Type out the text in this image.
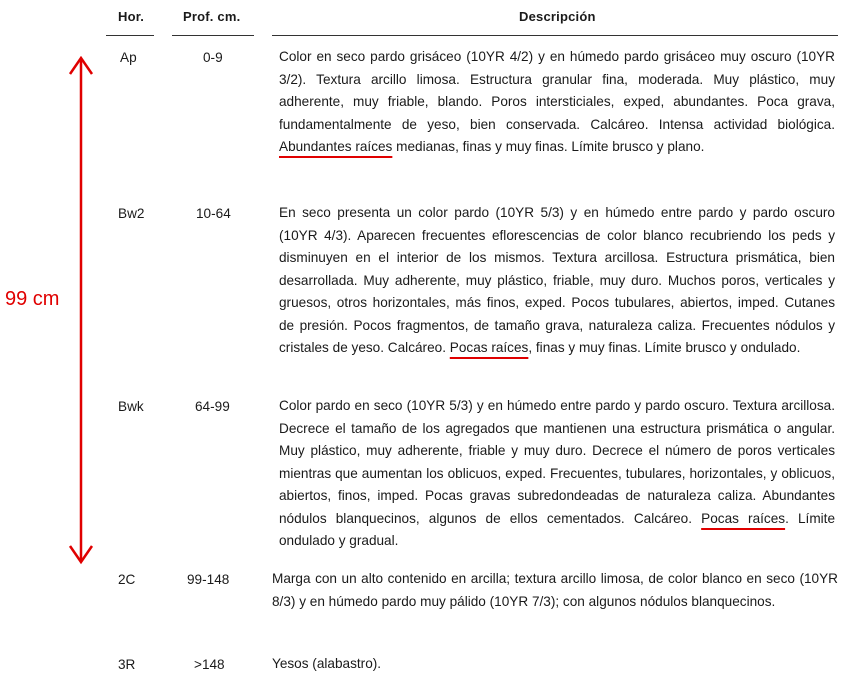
Hor.	Prof. cm.	Descripción
99 cm
Ap	0-9	Color en seco pardo grisáceo (10YR 4/2) y en húmedo pardo grisáceo muy oscuro (10YR 3/2). Textura arcillo limosa. Estructura granular fina, moderada. Muy plástico, muy adherente, muy friable, blando. Poros intersticiales, exped, abundantes. Poca grava, fundamentalmente de yeso, bien conservada. Calcáreo. Intensa actividad biológica. Abundantes raíces medianas, finas y muy finas. Límite brusco y plano.
Bw2	10-64	En seco presenta un color pardo (10YR 5/3) y en húmedo entre pardo y pardo oscuro (10YR 4/3). Aparecen frecuentes eflorescencias de color blanco recubriendo los peds y disminuyen en el interior de los mismos. Textura arcillosa. Estructura prismática, bien desarrollada. Muy adherente, muy plástico, friable, muy duro. Muchos poros, verticales y gruesos, otros horizontales, más finos, exped. Pocos tubulares, abiertos, imped. Cutanes de presión. Pocos fragmentos, de tamaño grava, naturaleza caliza. Frecuentes nódulos y cristales de yeso. Calcáreo. Pocas raíces, finas y muy finas. Límite brusco y ondulado.
Bwk	64-99	Color pardo en seco (10YR 5/3) y en húmedo entre pardo y pardo oscuro. Textura arcillosa. Decrece el tamaño de los agregados que mantienen una estructura prismática o angular. Muy plástico, muy adherente, friable y muy duro. Decrece el número de poros verticales mientras que aumentan los oblicuos, exped. Frecuentes, tubulares, horizontales, y oblicuos, abiertos, finos, imped. Pocas gravas subredondeadas de naturaleza caliza. Abundantes nódulos blanquecinos, algunos de ellos cementados. Calcáreo. Pocas raíces. Límite ondulado y gradual.
2C	99-148	Marga con un alto contenido en arcilla; textura arcillo limosa, de color blanco en seco (10YR 8/3) y en húmedo pardo muy pálido (10YR 7/3); con algunos nódulos blanquecinos.
3R	>148	Yesos (alabastro).
